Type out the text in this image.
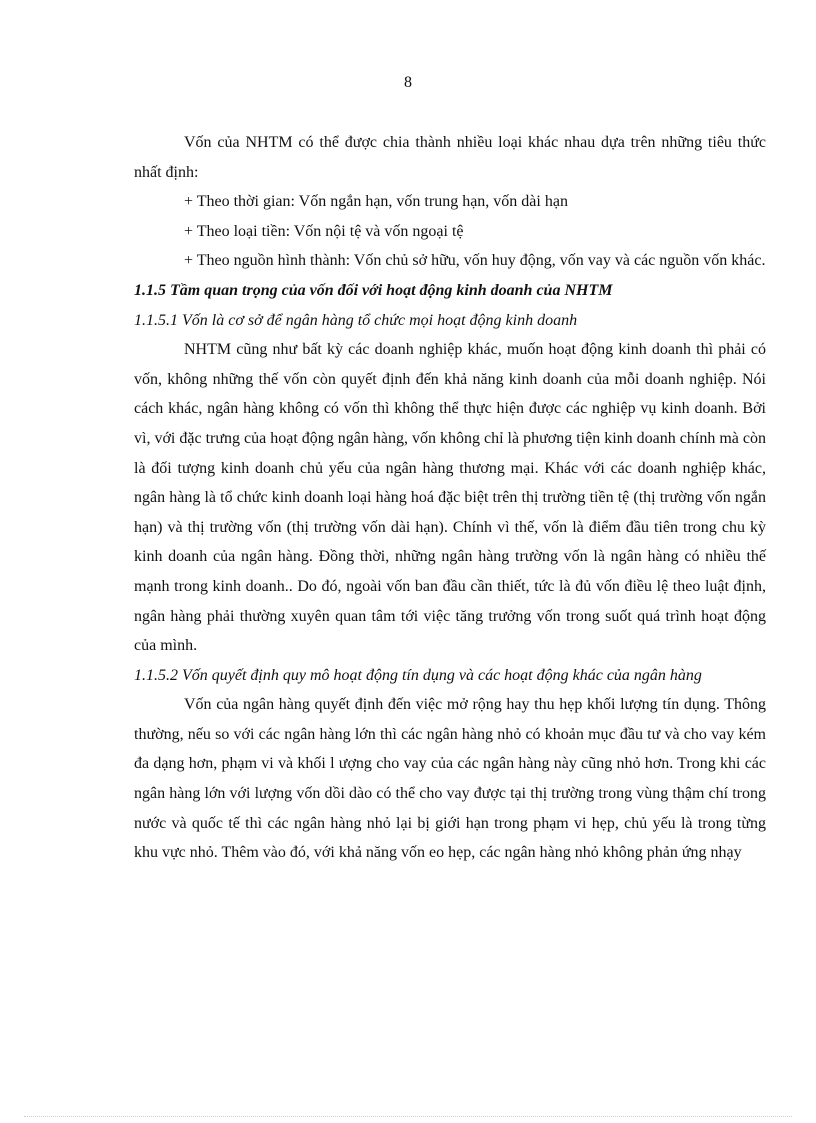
8

Vốn của NHTM có thể được chia thành nhiều loại khác nhau dựa trên những tiêu thức nhất định:

+ Theo thời gian: Vốn ngắn hạn, vốn trung hạn, vốn dài hạn

+ Theo loại tiền: Vốn nội tệ và vốn ngoại tệ

+ Theo nguồn hình thành: Vốn chủ sở hữu, vốn huy động, vốn vay và các nguồn vốn khác.

1.1.5 Tầm quan trọng của vốn đối với hoạt động kinh doanh của NHTM

1.1.5.1 Vốn là cơ sở để ngân hàng tổ chức mọi hoạt động kinh doanh

NHTM cũng như bất kỳ các doanh nghiệp khác, muốn hoạt động kinh doanh thì phải có vốn, không những thế vốn còn quyết định đến khả năng kinh doanh của mỗi doanh nghiệp. Nói cách khác, ngân hàng không có vốn thì không thể thực hiện được các nghiệp vụ kinh doanh. Bởi vì, với đặc trưng của hoạt động ngân hàng, vốn không chỉ là phương tiện kinh doanh chính mà còn là đối tượng kinh doanh chủ yếu của ngân hàng thương mại. Khác với các doanh nghiệp khác, ngân hàng là tổ chức kinh doanh loại hàng hoá đặc biệt trên thị trường tiền tệ (thị trường vốn ngắn hạn) và thị trường vốn (thị trường vốn dài hạn). Chính vì thế, vốn là điểm đầu tiên trong chu kỳ kinh doanh của ngân hàng. Đồng thời, những ngân hàng trường vốn là ngân hàng có nhiều thế mạnh trong kinh doanh.. Do đó, ngoài vốn ban đầu cần thiết, tức là đủ vốn điều lệ theo luật định, ngân hàng phải thường xuyên quan tâm tới việc tăng trưởng vốn trong suốt quá trình hoạt động của mình.

1.1.5.2 Vốn quyết định quy mô hoạt động tín dụng và các hoạt động khác của ngân hàng

Vốn của ngân hàng quyết định đến việc mở rộng hay thu hẹp khối lượng tín dụng. Thông thường, nếu so với các ngân hàng lớn thì các ngân hàng nhỏ có khoản mục đầu tư và cho vay kém đa dạng hơn, phạm vi và khối l ượng cho vay của các ngân hàng này cũng nhỏ hơn. Trong khi các ngân hàng lớn với lượng vốn dồi dào có thể cho vay được tại thị trường trong vùng thậm chí trong nước và quốc tế thì các ngân hàng nhỏ lại bị giới hạn trong phạm vi hẹp, chủ yếu là trong từng khu vực nhỏ. Thêm vào đó, với khả năng vốn eo hẹp, các ngân hàng nhỏ không phản ứng nhạy
